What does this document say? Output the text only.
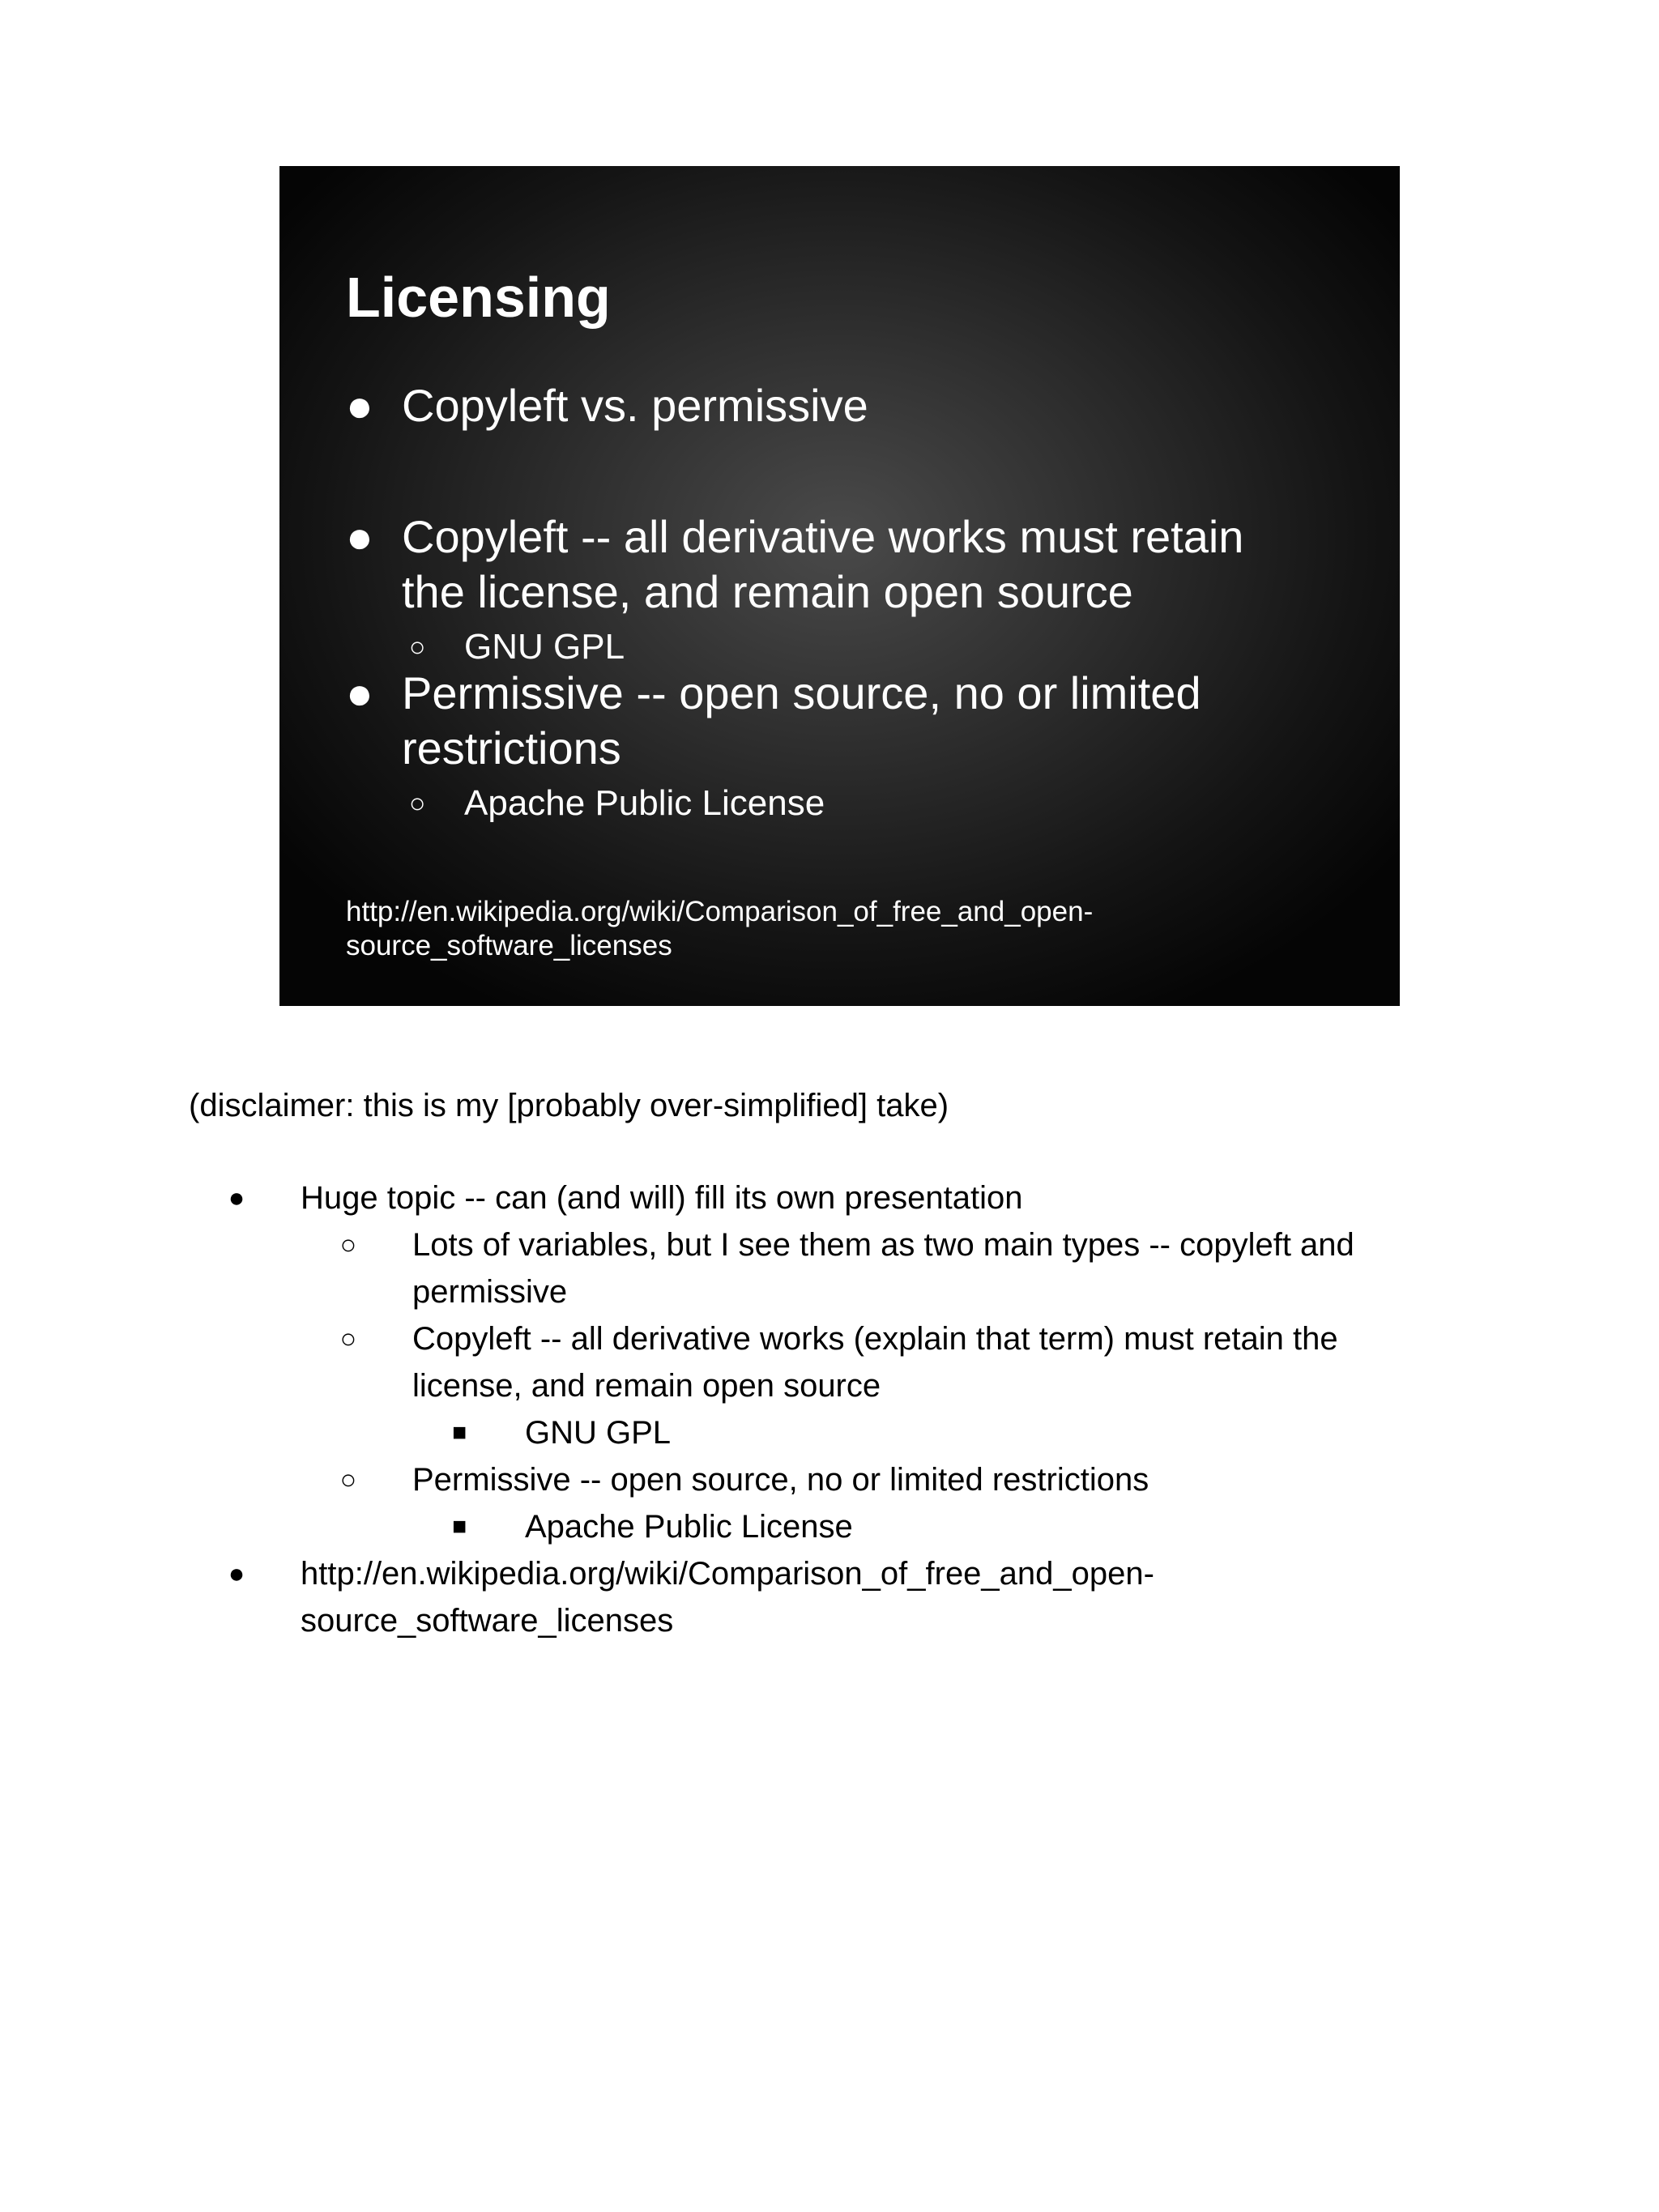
Licensing
● Copyleft vs. permissive
● Copyleft -- all derivative works must retain the license, and remain open source
○ GNU GPL
● Permissive -- open source, no or limited restrictions
○ Apache Public License
http://en.wikipedia.org/wiki/Comparison_of_free_and_open-source_software_licenses
(disclaimer: this is my [probably over-simplified] take)
● Huge topic -- can (and will) fill its own presentation
○ Lots of variables, but I see them as two main types -- copyleft and permissive
○ Copyleft -- all derivative works (explain that term) must retain the license, and remain open source
■ GNU GPL
○ Permissive -- open source, no or limited restrictions
■ Apache Public License
● http://en.wikipedia.org/wiki/Comparison_of_free_and_open-source_software_licenses
